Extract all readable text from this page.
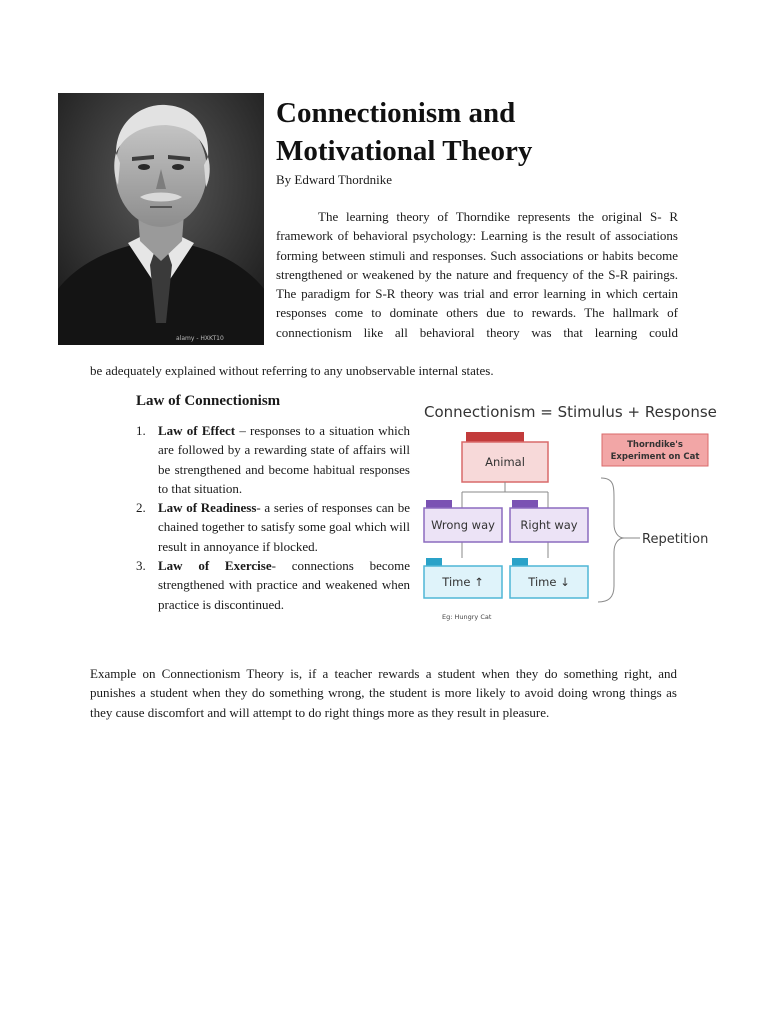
alamy - HXKT10
Connectionism and
Motivational Theory
By Edward Thordnike

The learning theory of Thorndike represents the original S- R framework of behavioral psychology: Learning is the result of associations forming between stimuli and responses. Such associations or habits become strengthened or weakened by the nature and frequency of the S-R pairings. The paradigm for S-R theory was trial and error learning in which certain responses come to dominate others due to rewards. The hallmark of connectionism like all behavioral theory was that learning could

be adequately explained without referring to any unobservable internal states.

Law of Connectionism
1. Law of Effect – responses to a situation which are followed by a rewarding state of affairs will be strengthened and become habitual responses to that situation.
2. Law of Readiness- a series of responses can be chained together to satisfy some goal which will result in annoyance if blocked.
3. Law of Exercise- connections become strengthened with practice and weakened when practice is discontinued.
Connectionism = Stimulus + Response
Animal
Wrong way Right way
Time ↑	Time ↓
Repetition
Thorndike's
Experiment on Cat
Eg: Hungry Cat

Example on Connectionism Theory is, if a teacher rewards a student when they do something right, and punishes a student when they do something wrong, the student is more likely to avoid doing wrong things as they cause discomfort and will attempt to do right things more as they result in pleasure.
